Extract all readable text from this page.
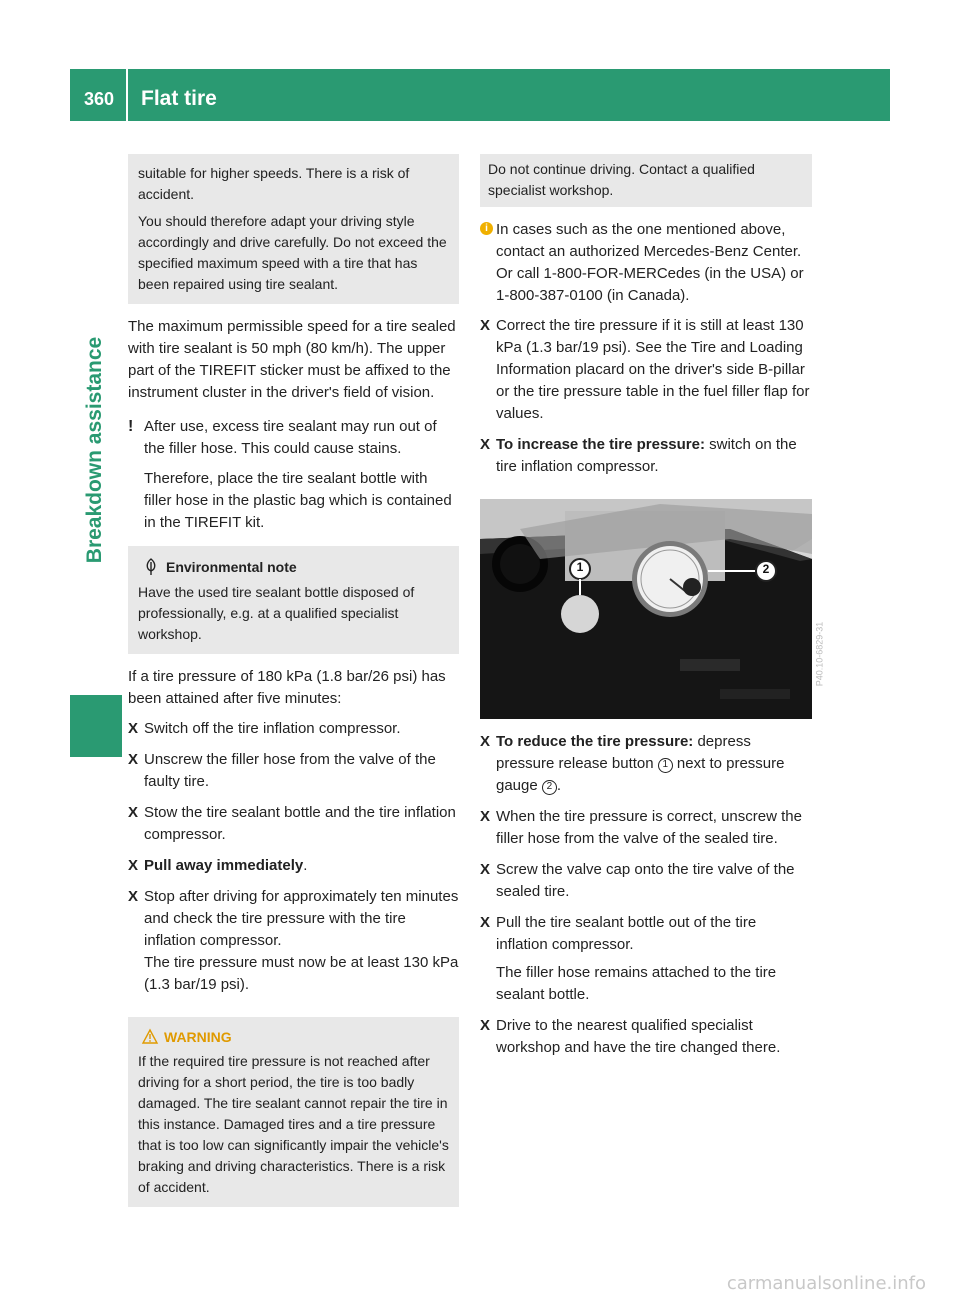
360 Flat tire
Breakdown assistance

suitable for higher speeds. There is a risk of accident.

You should therefore adapt your driving style accordingly and drive carefully. Do not exceed the specified maximum speed with a tire that has been repaired using tire sealant.

The maximum permissible speed for a tire sealed with tire sealant is 50 mph (80 km/h). The upper part of the TIREFIT sticker must be affixed to the instrument cluster in the driver's field of vision.

! After use, excess tire sealant may run out of the filler hose. This could cause stains.

Therefore, place the tire sealant bottle with filler hose in the plastic bag which is contained in the TIREFIT kit.

Environmental note

Have the used tire sealant bottle disposed of professionally, e.g. at a qualified specialist workshop.

If a tire pressure of 180 kPa (1.8 bar/26 psi) has been attained after five minutes:

X Switch off the tire inflation compressor.
X Unscrew the filler hose from the valve of the faulty tire.
X Stow the tire sealant bottle and the tire inflation compressor.
X Pull away immediately.
X Stop after driving for approximately ten minutes and check the tire pressure with the tire inflation compressor.
The tire pressure must now be at least 130 kPa (1.3 bar/19 psi).
WARNING

If the required tire pressure is not reached after driving for a short period, the tire is too badly damaged. The tire sealant cannot repair the tire in this instance. Damaged tires and a tire pressure that is too low can significantly impair the vehicle's braking and driving characteristics. There is a risk of accident.

Do not continue driving. Contact a qualified specialist workshop.

i In cases such as the one mentioned above, contact an authorized Mercedes-Benz Center. Or call 1-800-FOR-MERCedes (in the USA) or 1-800-387-0100 (in Canada).

X Correct the tire pressure if it is still at least 130 kPa (1.3 bar/19 psi). See the Tire and Loading Information placard on the driver's side B-pillar or the tire pressure table in the fuel filler flap for values.
X To increase the tire pressure: switch on the tire inflation compressor.
1	2
P40.10-6829-31
X To reduce the tire pressure: depress pressure release button 1 next to pressure gauge 2 .
X When the tire pressure is correct, unscrew the filler hose from the valve of the sealed tire.
X Screw the valve cap onto the tire valve of the sealed tire.
X Pull the tire sealant bottle out of the tire inflation compressor.
The filler hose remains attached to the tire sealant bottle.
X Drive to the nearest qualified specialist workshop and have the tire changed there.
carmanualsonline.info
